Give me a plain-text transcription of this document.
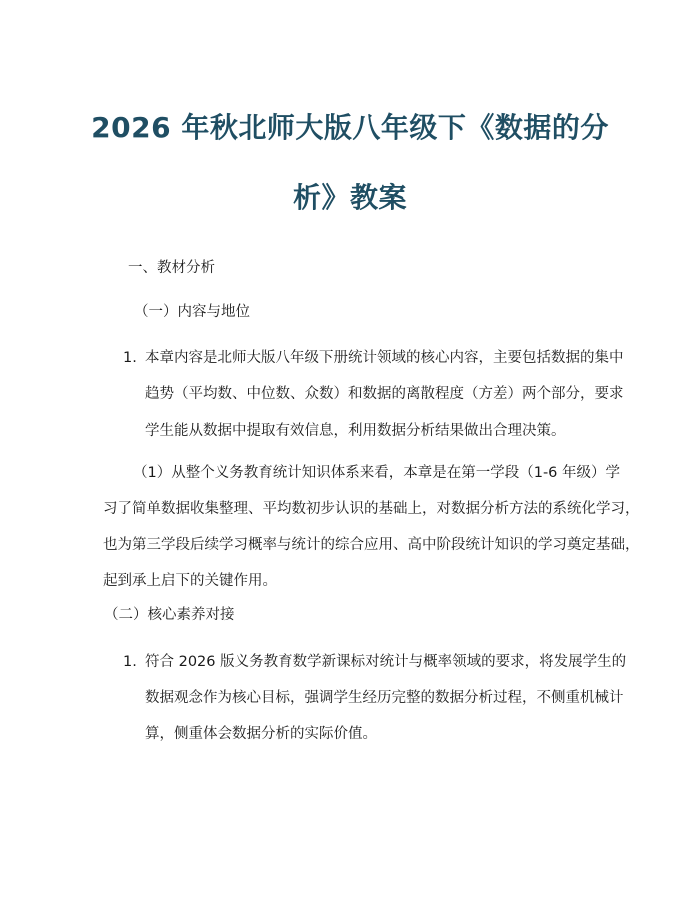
2026 年秋北师大版八年级下《数据的分
析》教案
一、教材分析
（一）内容与地位
1. 本章内容是北师大版八年级下册统计领域的核心内容，主要包括数据的集中
趋势（平均数、中位数、众数）和数据的离散程度（方差）两个部分，要求
学生能从数据中提取有效信息，利用数据分析结果做出合理决策。
（1）从整个义务教育统计知识体系来看，本章是在第一学段（1-6 年级）学
习了简单数据收集整理、平均数初步认识的基础上，对数据分析方法的系统化学习，
也为第三学段后续学习概率与统计的综合应用、高中阶段统计知识的学习奠定基础，
起到承上启下的关键作用。
（二）核心素养对接
1. 符合 2026 版义务教育数学新课标对统计与概率领域的要求，将发展学生的
数据观念作为核心目标，强调学生经历完整的数据分析过程，不侧重机械计
算，侧重体会数据分析的实际价值。
